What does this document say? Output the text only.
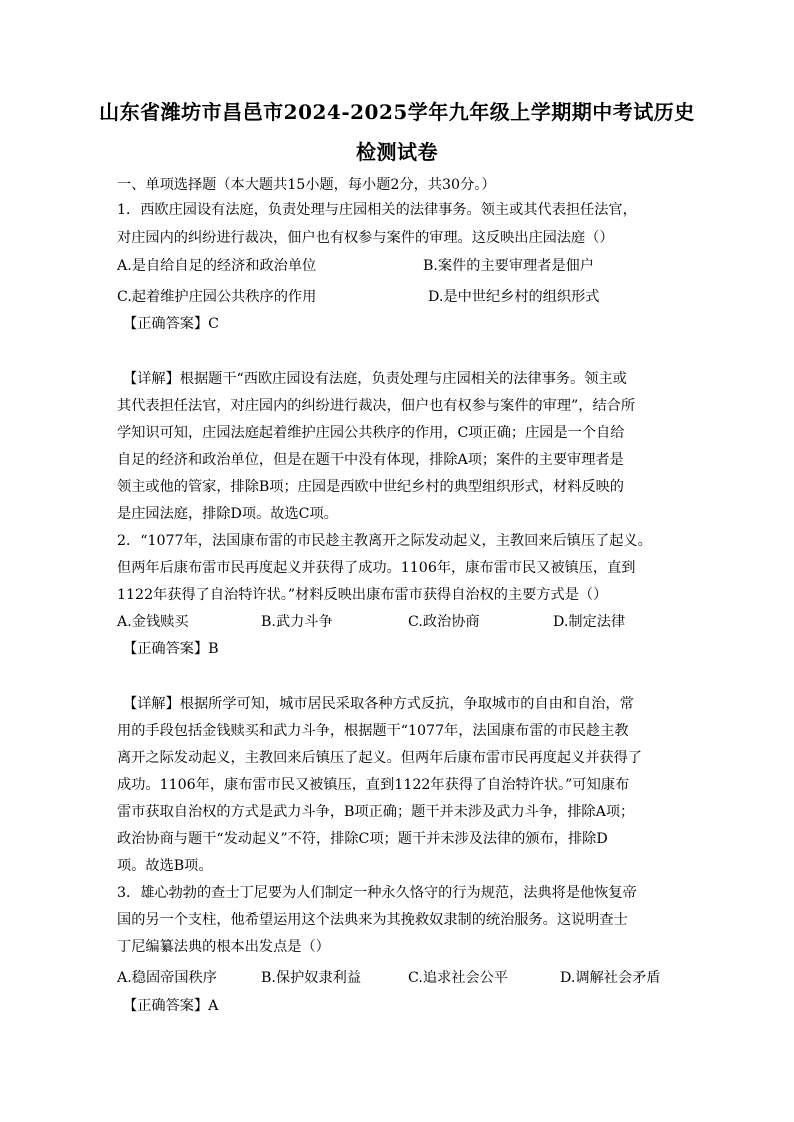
山东省潍坊市昌邑市2024-2025学年九年级上学期期中考试历史
检测试卷
一、单项选择题（本大题共15小题，每小题2分，共30分。）
1．西欧庄园设有法庭，负责处理与庄园相关的法律事务。领主或其代表担任法官，
对庄园内的纠纷进行裁决，佃户也有权参与案件的审理。这反映出庄园法庭（）
A.是自给自足的经济和政治单位	B.案件的主要审理者是佃户
C.起着维护庄园公共秩序的作用	D.是中世纪乡村的组织形式
【正确答案】C
【详解】根据题干“西欧庄园设有法庭，负责处理与庄园相关的法律事务。领主或
其代表担任法官，对庄园内的纠纷进行裁决，佃户也有权参与案件的审理”，结合所
学知识可知，庄园法庭起着维护庄园公共秩序的作用，C项正确；庄园是一个自给
自足的经济和政治单位，但是在题干中没有体现，排除A项；案件的主要审理者是
领主或他的管家，排除B项；庄园是西欧中世纪乡村的典型组织形式，材料反映的
是庄园法庭，排除D项。故选C项。
2．“1077年，法国康布雷的市民趁主教离开之际发动起义，主教回来后镇压了起义。
但两年后康布雷市民再度起义并获得了成功。1106年，康布雷市民又被镇压，直到
1122年获得了自治特许状。”材料反映出康布雷市获得自治权的主要方式是（）
A.金钱赎买	B.武力斗争	C.政治协商	D.制定法律
【正确答案】B
【详解】根据所学可知，城市居民采取各种方式反抗，争取城市的自由和自治，常
用的手段包括金钱赎买和武力斗争，根据题干“1077年，法国康布雷的市民趁主教
离开之际发动起义，主教回来后镇压了起义。但两年后康布雷市民再度起义并获得了
成功。1106年，康布雷市民又被镇压，直到1122年获得了自治特许状。”可知康布
雷市获取自治权的方式是武力斗争，B项正确；题干并未涉及武力斗争，排除A项；
政治协商与题干“发动起义”不符，排除C项；题干并未涉及法律的颁布，排除D
项。故选B项。
3．雄心勃勃的查士丁尼要为人们制定一种永久恪守的行为规范，法典将是他恢复帝
国的另一个支柱，他希望运用这个法典来为其挽救奴隶制的统治服务。这说明查士
丁尼编纂法典的根本出发点是（）
A.稳固帝国秩序	B.保护奴隶利益	C.追求社会公平	D.调解社会矛盾
【正确答案】A
